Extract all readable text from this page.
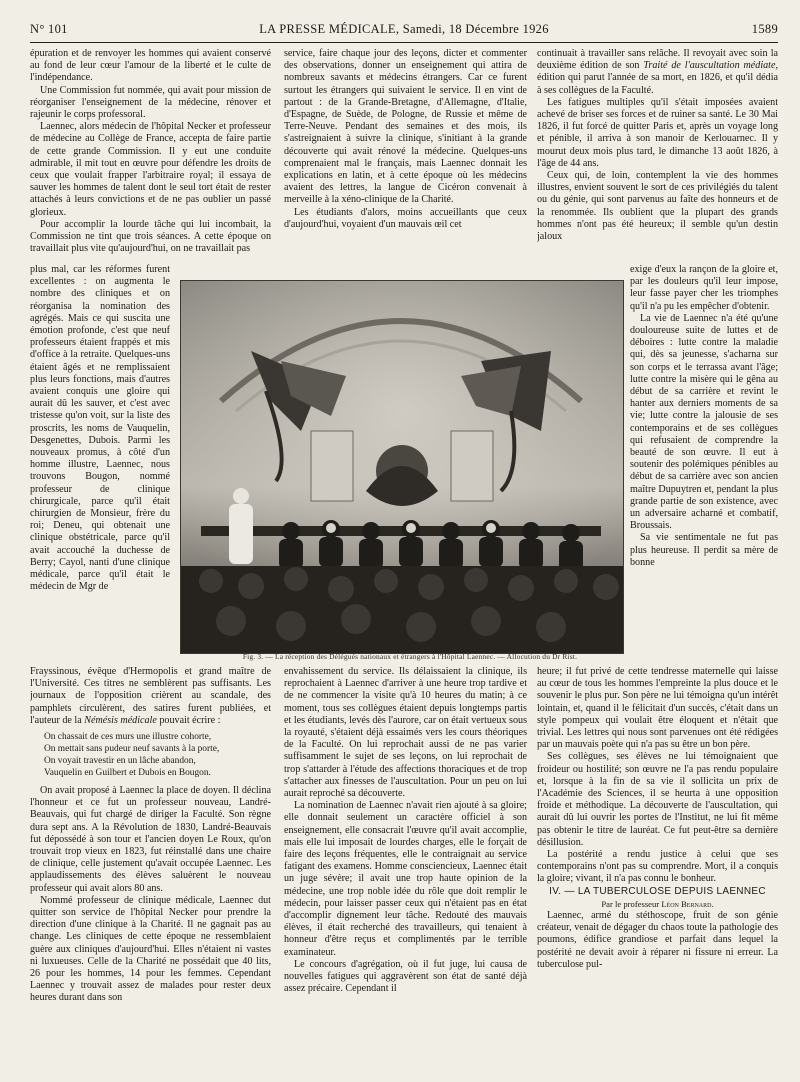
N° 101	LA PRESSE MÉDICALE, Samedi, 18 Décembre 1926	1589

épuration et de renvoyer les hommes qui avaient conservé au fond de leur cœur l'amour de la liberté et le culte de l'indépendance.

Une Commission fut nommée, qui avait pour mission de réorganiser l'enseignement de la médecine, rénover et rajeunir le corps professoral.

Laennec, alors médecin de l'hôpital Necker et professeur de médecine au Collège de France, accepta de faire partie de cette grande Commission. Il y eut une conduite admirable, il mit tout en œuvre pour défendre les droits de ceux que voulait frapper l'arbitraire royal; il essaya de sauver les hommes de talent dont le seul tort était de rester attachés à leurs convictions et de ne pas oublier un passé glorieux.

Pour accomplir la lourde tâche qui lui incombait, la Commission ne tint que trois séances. A cette époque on travaillait plus vite qu'aujourd'hui, on ne travaillait pas

plus mal, car les réformes furent excellentes : on augmenta le nombre des cliniques et on réorganisa la nomination des agrégés. Mais ce qui suscita une émotion profonde, c'est que neuf professeurs étaient frappés et mis d'office à la retraite. Quelques-uns étaient âgés et ne remplissaient plus leurs fonctions, mais d'autres avaient conquis une gloire qui aurait dû les sauver, et c'est avec tristesse qu'on voit, sur la liste des proscrits, les noms de Vauquelin, Desgenettes, Dubois. Parmi les nouveaux promus, à côté d'un homme illustre, Laennec, nous trouvons Bougon, nommé professeur de clinique chirurgicale, parce qu'il était chirurgien de Monsieur, frère du roi; Deneu, qui obtenait une clinique obstétricale, parce qu'il avait accouché la duchesse de Berry; Cayol, nanti d'une clinique médicale, parce qu'il était le médecin de Mgr de

Frayssinous, évêque d'Hermopolis et grand maître de l'Université. Ces titres ne semblèrent pas suffisants. Les journaux de l'opposition crièrent au scandale, des pamphlets circulèrent, des satires furent publiées, et l'auteur de la Némésis médicale pouvait écrire :

On chassait de ces murs une illustre cohorte,
On mettait sans pudeur neuf savants à la porte,
On voyait travestir en un lâche abandon,
Vauquelin en Guilbert et Dubois en Bougon.

On avait proposé à Laennec la place de doyen. Il déclina l'honneur et ce fut un professeur nouveau, Landré-Beauvais, qui fut chargé de diriger la Faculté. Son règne dura sept ans. A la Révolution de 1830, Landré-Beauvais fut dépossédé à son tour et l'ancien doyen Le Roux, qu'on trouvait trop vieux en 1823, fut réinstallé dans une chaire de clinique, celle justement qu'avait occupée Laennec. Les applaudissements des élèves saluèrent le nouveau professeur qui avait alors 80 ans.

Nommé professeur de clinique médicale, Laennec dut quitter son service de l'hôpital Necker pour prendre la direction d'une clinique à la Charité. Il ne gagnait pas au change. Les cliniques de cette époque ne ressemblaient guère aux cliniques d'aujourd'hui. Elles n'étaient ni vastes ni luxueuses. Celle de la Charité ne possédait que 40 lits, 26 pour les hommes, 14 pour les femmes. Cependant Laennec y trouvait assez de malades pour rester deux heures durant dans son

service, faire chaque jour des leçons, dicter et commenter des observations, donner un enseignement qui attira de nombreux savants et médecins étrangers. Car ce furent surtout les étrangers qui suivaient le service. Il en vint de partout : de la Grande-Bretagne, d'Allemagne, d'Italie, d'Espagne, de Suède, de Pologne, de Russie et même de Terre-Neuve. Pendant des semaines et des mois, ils s'astreignaient à suivre la clinique, s'initiant à la grande découverte qui avait rénové la médecine. Quelques-uns comprenaient mal le français, mais Laennec donnait les explications en latin, et à cette époque où les médecins avaient des lettres, la langue de Cicéron convenait à merveille à la xéno-clinique de la Charité.

Les étudiants d'alors, moins accueillants que ceux d'aujourd'hui, voyaient d'un mauvais œil cet

envahissement du service. Ils délaissaient la clinique, ils reprochaient à Laennec d'arriver à une heure trop tardive et de ne commencer la visite qu'à 10 heures du matin; à ce moment, tous ses collègues étaient depuis longtemps partis et les étudiants, levés dès l'aurore, car on était vertueux sous la royauté, s'étaient déjà essaimés vers les cours théoriques de la Faculté. On lui reprochait aussi de ne pas varier suffisamment le sujet de ses leçons, on lui reprochait de trop s'attarder à l'étude des affections thoraciques et de trop s'attacher aux finesses de l'auscultation. Pour un peu on lui aurait reproché sa découverte.

La nomination de Laennec n'avait rien ajouté à sa gloire; elle donnait seulement un caractère officiel à son enseignement, elle consacrait l'œuvre qu'il avait accomplie, mais elle lui imposait de lourdes charges, elle le forçait de faire des leçons fréquentes, elle le contraignait au service fatigant des examens. Homme consciencieux, Laennec était un juge sévère; il avait une trop haute opinion de la médecine, une trop noble idée du rôle que doit remplir le médecin, pour laisser passer ceux qui n'étaient pas en état d'accomplir dignement leur tâche. Redouté des mauvais élèves, il était recherché des travailleurs, qui tenaient à honneur d'être reçus et complimentés par le terrible examinateur.

Le concours d'agrégation, où il fut juge, lui causa de nouvelles fatigues qui aggravèrent son état de santé déjà assez précaire. Cependant il

continuait à travailler sans relâche. Il revoyait avec soin la deuxième édition de son Traité de l'auscultation médiate, édition qui parut l'année de sa mort, en 1826, et qu'il dédia à ses collègues de la Faculté.

Les fatigues multiples qu'il s'était imposées avaient achevé de briser ses forces et de ruiner sa santé. Le 30 Mai 1826, il fut forcé de quitter Paris et, après un voyage long et pénible, il arriva à son manoir de Kerlouarnec. Il y mourut deux mois plus tard, le dimanche 13 août 1826, à l'âge de 44 ans.

Ceux qui, de loin, contemplent la vie des hommes illustres, envient souvent le sort de ces privilégiés du talent ou du génie, qui sont parvenus au faîte des honneurs et de la renommée. Ils oublient que la plupart des grands hommes n'ont pas été heureux; il semble qu'un destin jaloux

exige d'eux la rançon de la gloire et, par les douleurs qu'il leur impose, leur fasse payer cher les triomphes qu'il n'a pu les empêcher d'obtenir.

La vie de Laennec n'a été qu'une douloureuse suite de luttes et de déboires : lutte contre la maladie qui, dès sa jeunesse, s'acharna sur son corps et le terrassa avant l'âge; lutte contre la misère qui le gêna au début de sa carrière et revint le hanter aux derniers moments de sa vie; lutte contre la jalousie de ses contemporains et de ses collègues qui refusaient de comprendre la beauté de son œuvre. Il eut à soutenir des polémiques pénibles au début de sa carrière avec son ancien maître Dupuytren et, pendant la plus grande partie de son existence, avec un adversaire acharné et combatif, Broussais.

Sa vie sentimentale ne fut pas plus heureuse. Il perdit sa mère de bonne

heure; il fut privé de cette tendresse maternelle qui laisse au cœur de tous les hommes l'empreinte la plus douce et le souvenir le plus pur. Son père ne lui témoigna qu'un intérêt lointain, et, quand il le félicitait d'un succès, c'était dans un style pompeux qui voulait être éloquent et n'était que trivial. Les lettres qui nous sont parvenues ont été rédigées par un mauvais poète qui n'a pas su être un bon père.

Ses collègues, ses élèves ne lui témoignaient que froideur ou hostilité; son œuvre ne l'a pas rendu populaire et, lorsque à la fin de sa vie il sollicita un prix de l'Académie des Sciences, il se heurta à une opposition froide et méthodique. La découverte de l'auscultation, qui aurait dû lui ouvrir les portes de l'Institut, ne lui fit même pas obtenir le titre de lauréat. Ce fut peut-être sa dernière désillusion.

La postérité a rendu justice à celui que ses contemporains n'ont pas su comprendre. Mort, il a conquis la gloire; vivant, il n'a pas connu le bonheur.

IV. — LA TUBERCULOSE DEPUIS LAENNEC

Par le professeur Léon Bernard.

Laennec, armé du stéthoscope, fruit de son génie créateur, venait de dégager du chaos toute la pathologie des poumons, édifice grandiose et parfait dans lequel la postérité ne devait avoir à réparer ni fissure ni erreur. La tuberculose pul-

Fig. 3. — La réception des Délégués nationaux et étrangers à l'Hôpital Laennec. — Allocution du Dr Rist.
